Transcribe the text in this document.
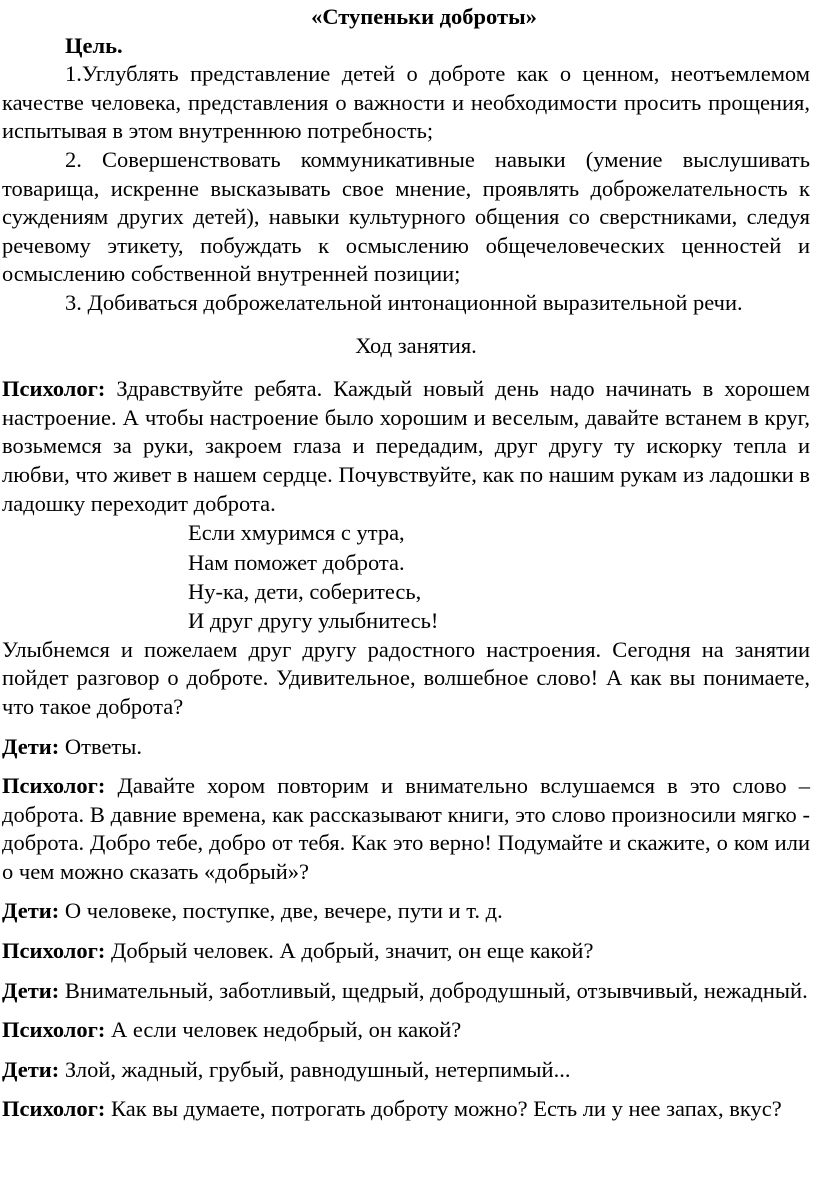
«Ступеньки доброты»

Цель.

1.Углублять представление детей о доброте как о ценном, неотъемлемом качестве человека, представления о важности и необходимости просить прощения, испытывая в этом внутреннюю потребность;

2. Совершенствовать коммуникативные навыки (умение выслушивать товарища, искренне высказывать свое мнение, проявлять доброжелательность к суждениям других детей), навыки культурного общения со сверстниками, следуя речевому этикету, побуждать к осмыслению общечеловеческих ценностей и осмыслению собственной внутренней позиции;

3. Добиваться доброжелательной интонационной выразительной речи.

Ход занятия.

Психолог: Здравствуйте ребята. Каждый новый день надо начинать в хорошем настроение. А чтобы настроение было хорошим и веселым, давайте встанем в круг, возьмемся за руки, закроем глаза и передадим, друг другу ту искорку тепла и любви, что живет в нашем сердце. Почувствуйте, как по нашим рукам из ладошки в ладошку переходит доброта.

Если хмуримся с утра,

Нам поможет доброта.

Ну-ка, дети, соберитесь,

И друг другу улыбнитесь!

Улыбнемся и пожелаем друг другу радостного настроения. Сегодня на занятии пойдет разговор о доброте. Удивительное, волшебное слово! А как вы понимаете, что такое доброта?

Дети: Ответы.

Психолог: Давайте хором повторим и внимательно вслушаемся в это слово – доброта. В давние времена, как рассказывают книги, это слово произносили мягко - доброта. Добро тебе, добро от тебя. Как это верно! Подумайте и скажите, о ком или о чем можно сказать «добрый»?

Дети: О человеке, поступке, две, вечере, пути и т. д.

Психолог: Добрый человек. А добрый, значит, он еще какой?

Дети: Внимательный, заботливый, щедрый, добродушный, отзывчивый, нежадный.

Психолог: А если человек недобрый, он какой?

Дети: Злой, жадный, грубый, равнодушный, нетерпимый...

Психолог: Как вы думаете, потрогать доброту можно? Есть ли у нее запах, вкус?
